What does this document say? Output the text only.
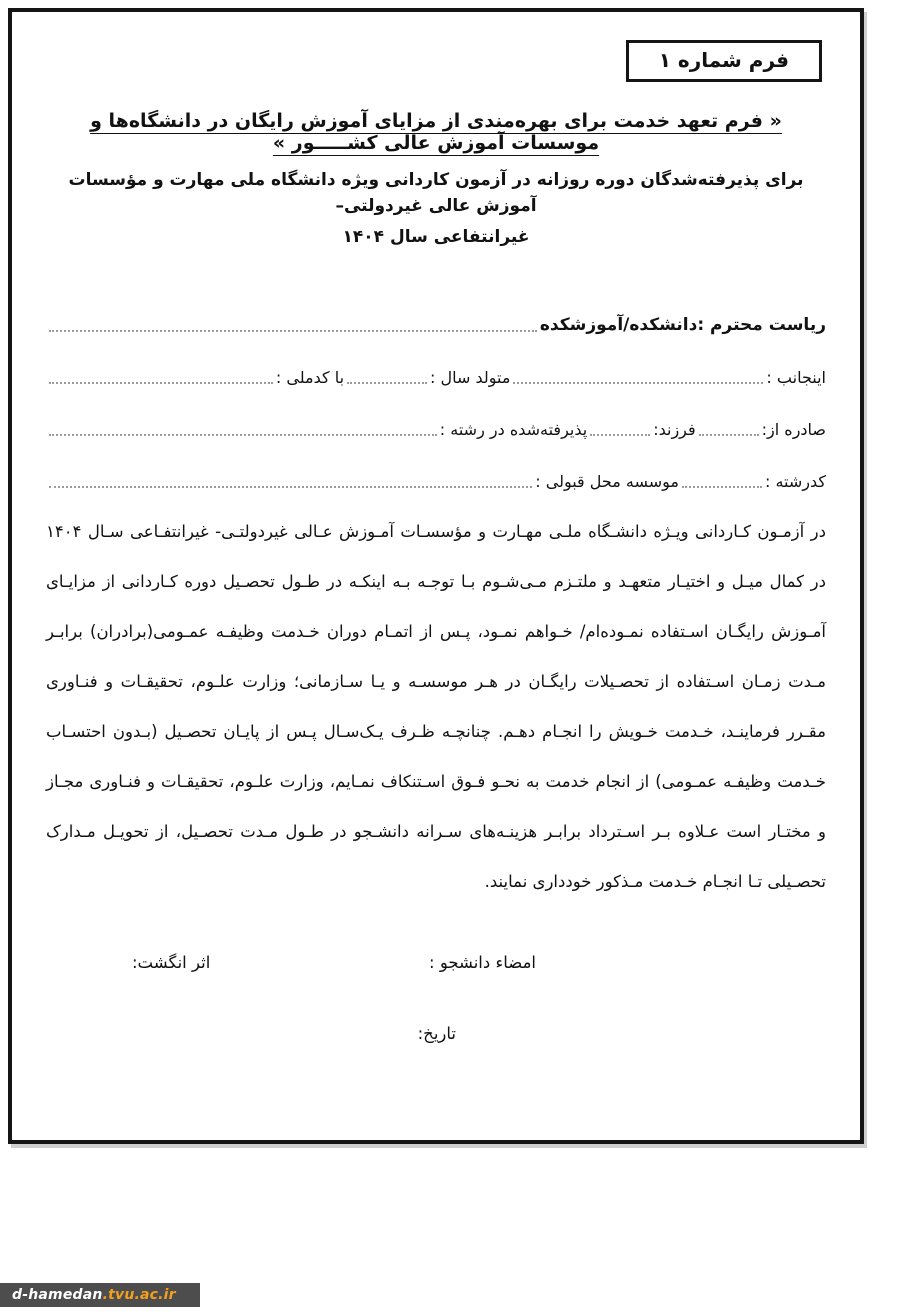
فرم شماره ۱
« فرم تعهد خدمت برای بهره‌مندی از مزایای آموزش رایگان در دانشگاه‌ها و موسسات آموزش عالی کشـــــور »
برای پذیرفته‌شدگان دوره روزانه در آزمون کاردانی ویژه دانشگاه ملی مهارت و مؤسسات آموزش عالی غیردولتی–
غیرانتفاعی سال ۱۴۰۴
ریاست محترم :دانشکده/آموزشکده
اینجانب :
متولد سال :
با کدملی :
صادره از:
فرزند:
پذیرفته‌شده در رشته :
کدرشته :
موسسه محل قبولی :
در آزمـون کـاردانی ویـژه دانشـگاه ملـی مهـارت و مؤسسـات آمـوزش عـالی غیردولتـی- غیرانتفـاعی سـال ۱۴۰۴ در کمال میـل و اختیـار متعهـد و ملتـزم مـی‌شـوم بـا توجـه بـه اینکـه در طـول تحصـیل دوره کـاردانی از مزایـای آمـوزش رایگـان اسـتفاده نمـوده‌ام/ خـواهم نمـود، پـس از اتمـام دوران خـدمت وظیفـه عمـومی(برادران) برابـر مـدت زمـان اسـتفاده از تحصـیلات رایگـان در هـر موسسـه و یـا سـازمانی؛ وزارت علـوم، تحقیقـات و فنـاوری مقـرر فرماینـد، خـدمت خـویش را انجـام دهـم. چنانچـه ظـرف یـک‌سـال پـس از پایـان تحصـیل (بـدون احتسـاب خـدمت وظیفـه عمـومی) از انجام خدمت به نحـو فـوق اسـتنکاف نمـایم، وزارت علـوم، تحقیقـات و فنـاوری مجـاز و مختـار است عـلاوه بـر اسـترداد برابـر هزینـه‌های سـرانه دانشـجو در طـول مـدت تحصـیل، از تحویـل مـدارک تحصـیلی تـا انجـام خـدمت مـذکور خودداری نمایند.
امضاء دانشجو :
اثر انگشت:
تاریخ:
d-hamedan .tvu.ac.ir
